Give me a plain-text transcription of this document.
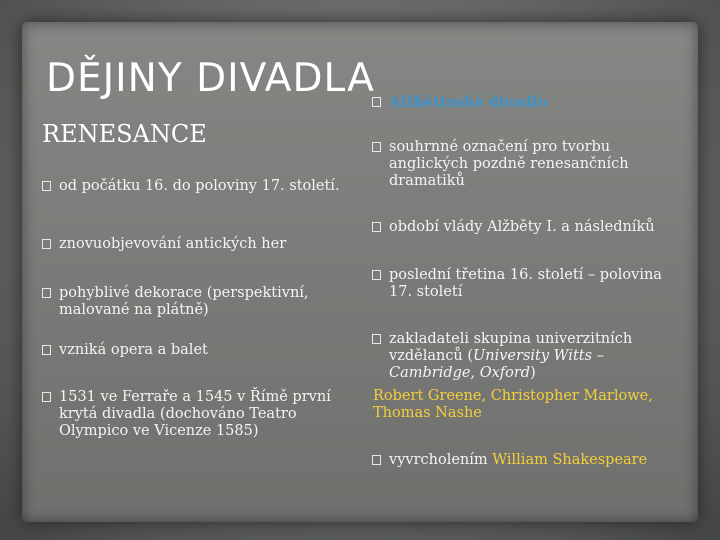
DĚJINY DIVADLA
RENESANCE
od počátku 16. do poloviny 17. století.
znovuobjevování antických her
pohyblivé dekorace (perspektivní, malované na plátně)
vzniká opera a balet
1531 ve Ferraře a 1545 v Římě první krytá divadla (dochováno Teatro Olympico ve Vicenze 1585)
Alžbětinské divadlo
souhrnné označení pro tvorbu anglických pozdně renesančních dramatiků
období vlády Alžběty I. a následníků
poslední třetina 16. století – polovina 17. století
zakladateli skupina univerzitních vzdělanců (University Witts – Cambridge, Oxford)
Robert Greene, Christopher Marlowe, Thomas Nashe
vyvrcholením William Shakespeare
